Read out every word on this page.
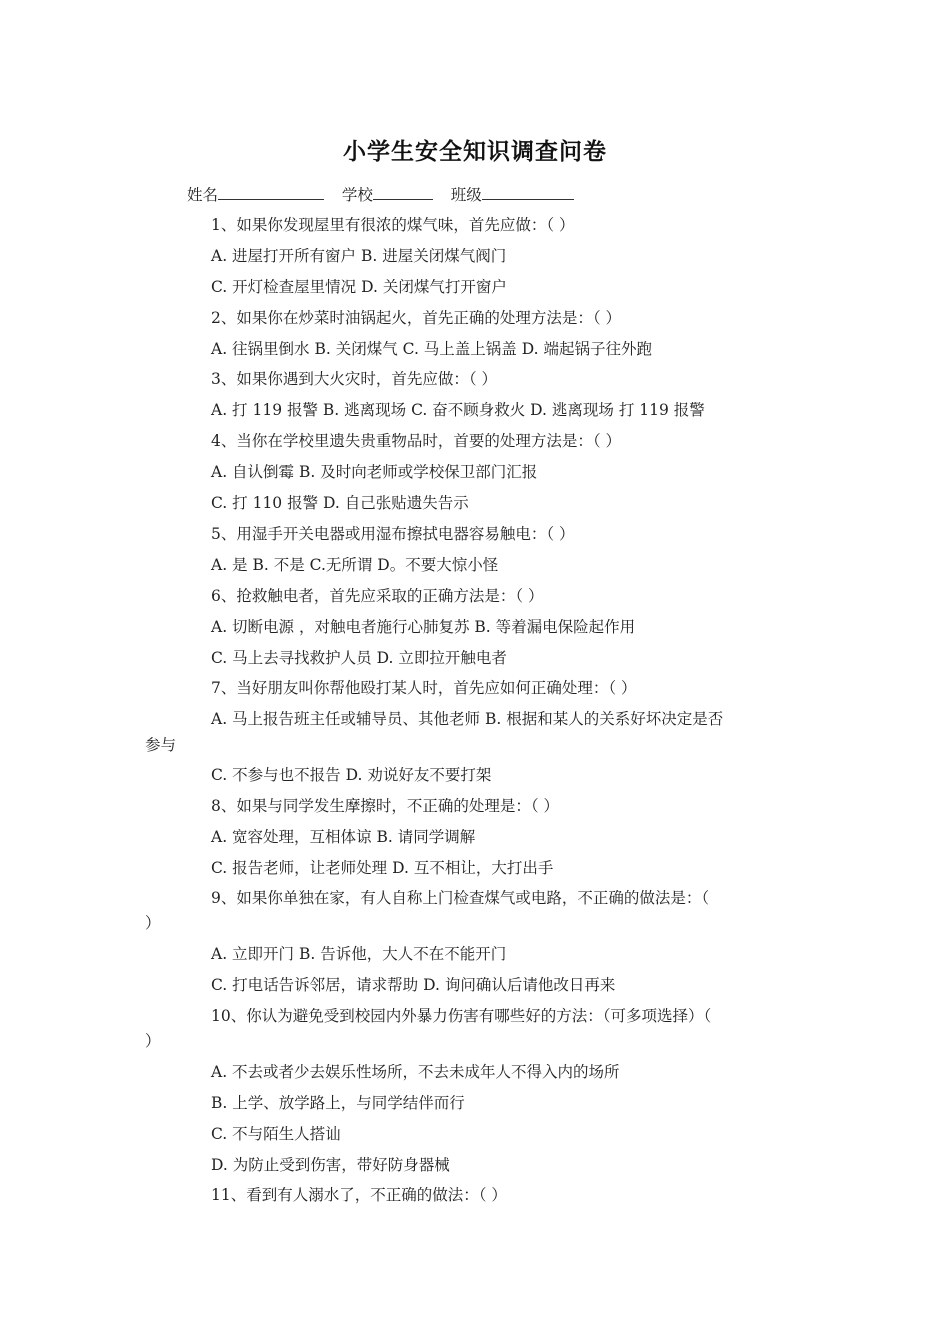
小学生安全知识调查问卷
姓名	学校	班级
1、如果你发现屋里有很浓的煤气味，首先应做：（ ）
A. 进屋打开所有窗户 B. 进屋关闭煤气阀门
C. 开灯检查屋里情况 D. 关闭煤气打开窗户
2、如果你在炒菜时油锅起火，首先正确的处理方法是：（ ）
A. 往锅里倒水 B. 关闭煤气 C. 马上盖上锅盖 D. 端起锅子往外跑
3、如果你遇到大火灾时，首先应做：（ ）
A. 打 119 报警 B. 逃离现场 C. 奋不顾身救火 D. 逃离现场 打 119 报警
4、当你在学校里遗失贵重物品时，首要的处理方法是：（ ）
A. 自认倒霉 B. 及时向老师或学校保卫部门汇报
C. 打 110 报警 D. 自己张贴遗失告示
5、用湿手开关电器或用湿布擦拭电器容易触电：（ ）
A. 是 B. 不是 C.无所谓 D。不要大惊小怪
6、抢救触电者，首先应采取的正确方法是：（ ）
A. 切断电源 ，对触电者施行心肺复苏 B. 等着漏电保险起作用
C. 马上去寻找救护人员 D. 立即拉开触电者
7、当好朋友叫你帮他殴打某人时，首先应如何正确处理：（ ）
A. 马上报告班主任或辅导员、其他老师 B. 根据和某人的关系好坏决定是否
参与
C. 不参与也不报告 D. 劝说好友不要打架
8、如果与同学发生摩擦时，不正确的处理是：（ ）
A. 宽容处理，互相体谅 B. 请同学调解
C. 报告老师，让老师处理 D. 互不相让，大打出手
9、如果你单独在家，有人自称上门检查煤气或电路，不正确的做法是：（
）
A. 立即开门 B. 告诉他，大人不在不能开门
C. 打电话告诉邻居，请求帮助 D. 询问确认后请他改日再来
10、你认为避免受到校园内外暴力伤害有哪些好的方法：（可多项选择）（
）
A. 不去或者少去娱乐性场所，不去未成年人不得入内的场所
B. 上学、放学路上，与同学结伴而行
C. 不与陌生人搭讪
D. 为防止受到伤害，带好防身器械
11、看到有人溺水了，不正确的做法：（ ）
